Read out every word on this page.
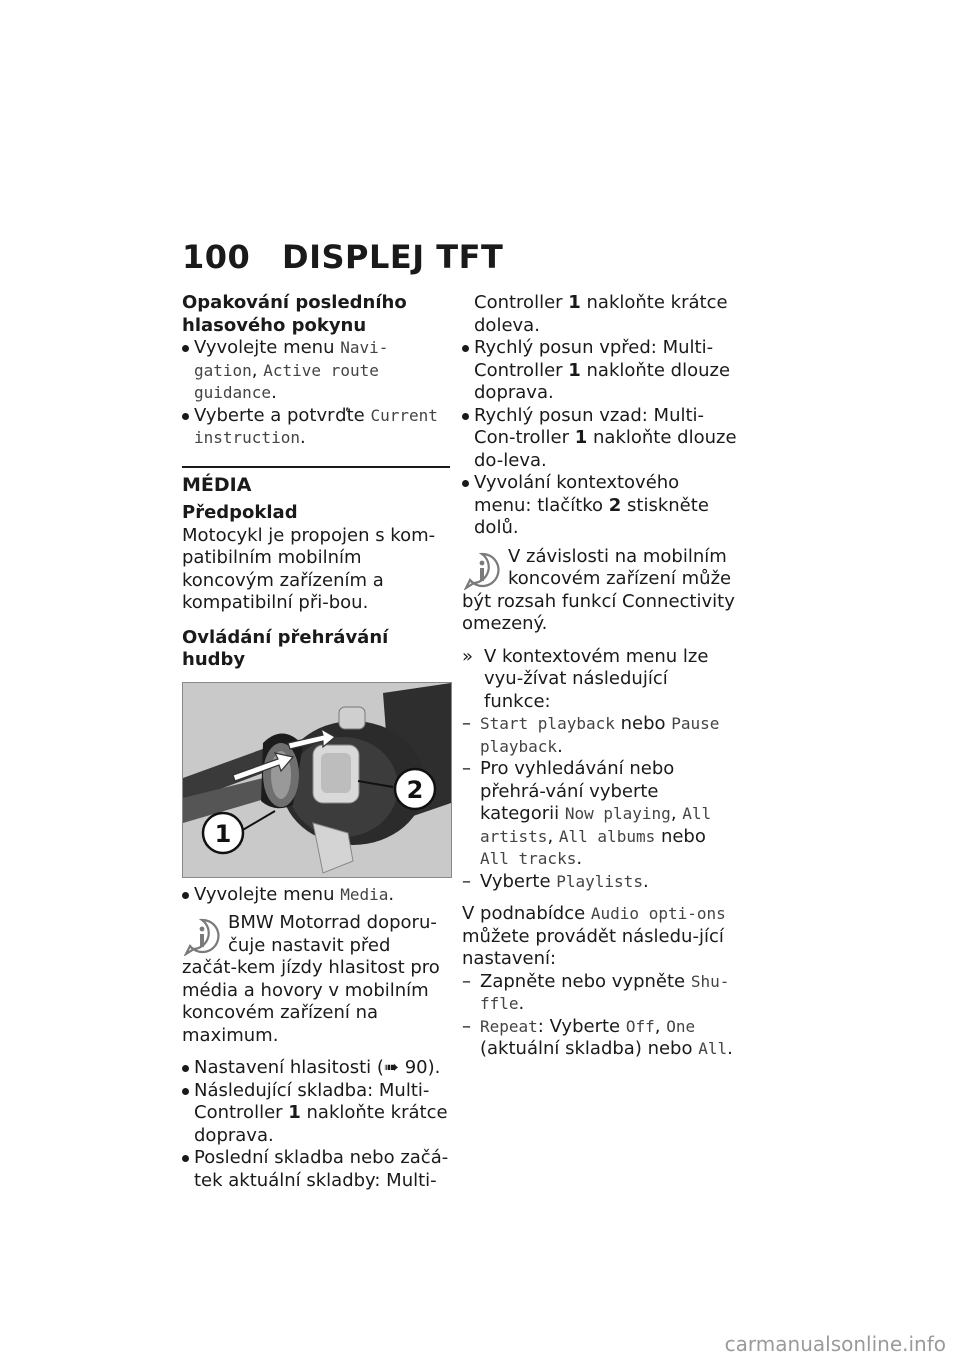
100 DISPLEJ TFT

Opakování posledního
hlasového pokynu

Vyvolejte menu Navi-
gation, Active route
guidance.
Vyberte a potvrďte Current
instruction.

MÉDIA

Předpoklad

Motocykl je propojen s kom-patibilním mobilním koncovým zařízením a kompatibilní při-bou.

Ovládání přehrávání hudby

1
2
Vyvolejte menu Media.

BMW Motorrad doporu-čuje nastavit před začát-kem jízdy hlasitost pro média a hovory v mobilním koncovém zařízení na maximum.

Nastavení hlasitosti (➠ 90).
Následující skladba: Multi-Controller 1 nakloňte krátce doprava.
Poslední skladba nebo začá-tek aktuální skladby: Multi-
Controller 1 nakloňte krátce doleva.
Rychlý posun vpřed: Multi-Controller 1 nakloňte dlouze doprava.
Rychlý posun vzad: Multi-Con-troller 1 nakloňte dlouze do-leva.
Vyvolání kontextového menu: tlačítko 2 stiskněte dolů.

V závislosti na mobilním koncovém zařízení může být rozsah funkcí Connectivity omezený.

» V kontextovém menu lze vyu-žívat následující funkce:
– Start playback nebo Pause playback.
– Pro vyhledávání nebo přehrá-vání vyberte kategorii Now playing, All artists, All albums nebo All tracks.
– Vyberte Playlists.

V podnabídce Audio opti-ons můžete provádět následu-jící nastavení:

– Zapněte nebo vypněte Shu-ffle.
– Repeat: Vyberte Off, One (aktuální skladba) nebo All.
carmanualsonline.info
